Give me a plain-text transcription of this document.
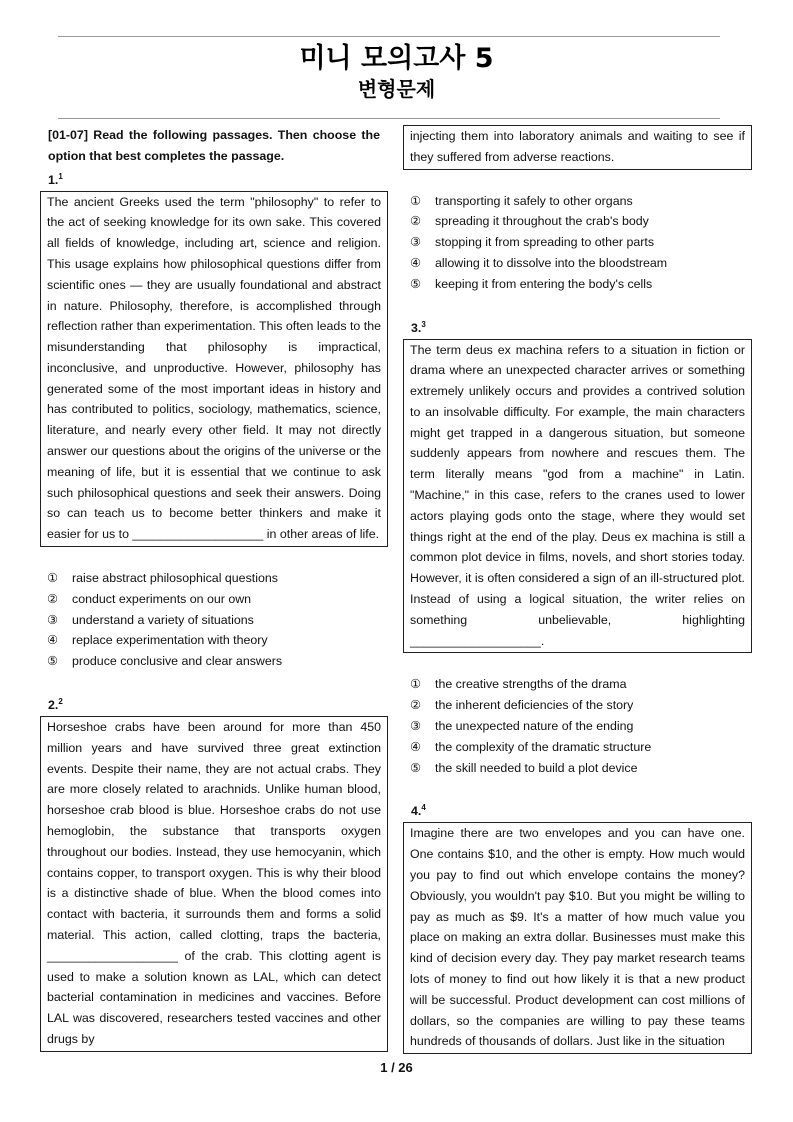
미니 모의고사 5
변형문제
[01-07] Read the following passages. Then choose the option that best completes the passage.
1.$^1$

The ancient Greeks used the term "philosophy" to refer to the act of seeking knowledge for its own sake. This covered all fields of knowledge, including art, science and religion. This usage explains how philosophical questions differ from scientific ones — they are usually foundational and abstract in nature. Philosophy, therefore, is accomplished through reflection rather than experimentation. This often leads to the misunderstanding that philosophy is impractical, inconclusive, and unproductive. However, philosophy has generated some of the most important ideas in history and has contributed to politics, sociology, mathematics, science, literature, and nearly every other field. It may not directly answer our questions about the origins of the universe or the meaning of life, but it is essential that we continue to ask such philosophical questions and seek their answers. Doing so can teach us to become better thinkers and make it easier for us to ___________________ in other areas of life.

①	raise abstract philosophical questions
②	conduct experiments on our own
③	understand a variety of situations
④	replace experimentation with theory
⑤	produce conclusive and clear answers
2.$^2$

Horseshoe crabs have been around for more than 450 million years and have survived three great extinction events. Despite their name, they are not actual crabs. They are more closely related to arachnids. Unlike human blood, horseshoe crab blood is blue. Horseshoe crabs do not use hemoglobin, the substance that transports oxygen throughout our bodies. Instead, they use hemocyanin, which contains copper, to transport oxygen. This is why their blood is a distinctive shade of blue. When the blood comes into contact with bacteria, it surrounds them and forms a solid material. This action, called clotting, traps the bacteria, ___________________ of the crab. This clotting agent is used to make a solution known as LAL, which can detect bacterial contamination in medicines and vaccines. Before LAL was discovered, researchers tested vaccines and other drugs by

injecting them into laboratory animals and waiting to see if they suffered from adverse reactions.

①	transporting it safely to other organs
②	spreading it throughout the crab's body
③	stopping it from spreading to other parts
④	allowing it to dissolve into the bloodstream
⑤	keeping it from entering the body's cells
3.$^3$

The term deus ex machina refers to a situation in fiction or drama where an unexpected character arrives or something extremely unlikely occurs and provides a contrived solution to an insolvable difficulty. For example, the main characters might get trapped in a dangerous situation, but someone suddenly appears from nowhere and rescues them. The term literally means "god from a machine" in Latin. "Machine," in this case, refers to the cranes used to lower actors playing gods onto the stage, where they would set things right at the end of the play. Deus ex machina is still a common plot device in films, novels, and short stories today. However, it is often considered a sign of an ill-structured plot. Instead of using a logical situation, the writer relies on something unbelievable, highlighting ___________________.

①	the creative strengths of the drama
②	the inherent deficiencies of the story
③	the unexpected nature of the ending
④	the complexity of the dramatic structure
⑤	the skill needed to build a plot device
4.$^4$

Imagine there are two envelopes and you can have one. One contains $10, and the other is empty. How much would you pay to find out which envelope contains the money? Obviously, you wouldn't pay $10. But you might be willing to pay as much as $9. It's a matter of how much value you place on making an extra dollar. Businesses must make this kind of decision every day. They pay market research teams lots of money to find out how likely it is that a new product will be successful. Product development can cost millions of dollars, so the companies are willing to pay these teams hundreds of thousands of dollars. Just like in the situation

1 / 26
